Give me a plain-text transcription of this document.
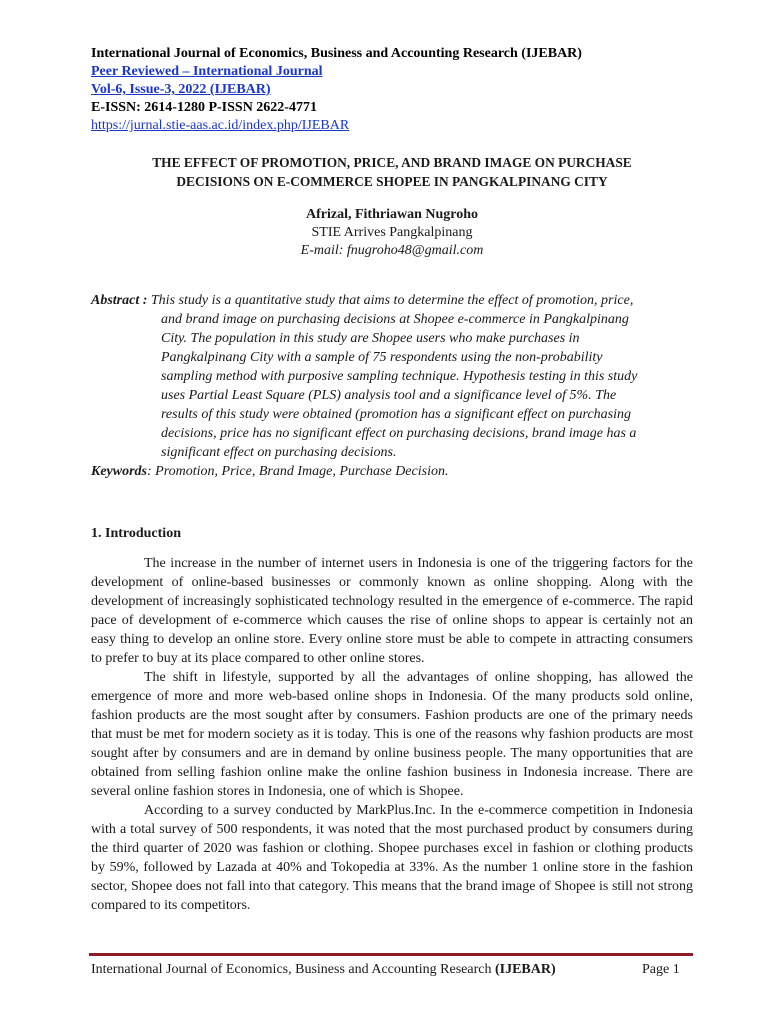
International Journal of Economics, Business and Accounting Research (IJEBAR)
Peer Reviewed – International Journal
Vol-6, Issue-3, 2022 (IJEBAR)
E-ISSN: 2614-1280 P-ISSN 2622-4771
https://jurnal.stie-aas.ac.id/index.php/IJEBAR
THE EFFECT OF PROMOTION, PRICE, AND BRAND IMAGE ON PURCHASE
DECISIONS ON E-COMMERCE SHOPEE IN PANGKALPINANG CITY
Afrizal, Fithriawan Nugroho
STIE Arrives Pangkalpinang
E-mail: fnugroho48@gmail.com
Abstract : This study is a quantitative study that aims to determine the effect of promotion, price,
and brand image on purchasing decisions at Shopee e-commerce in Pangkalpinang
City. The population in this study are Shopee users who make purchases in
Pangkalpinang City with a sample of 75 respondents using the non-probability
sampling method with purposive sampling technique. Hypothesis testing in this study
uses Partial Least Square (PLS) analysis tool and a significance level of 5%. The
results of this study were obtained (promotion has a significant effect on purchasing
decisions, price has no significant effect on purchasing decisions, brand image has a
significant effect on purchasing decisions.
Keywords: Promotion, Price, Brand Image, Purchase Decision.
1. Introduction

The increase in the number of internet users in Indonesia is one of the triggering factors for the development of online-based businesses or commonly known as online shopping. Along with the development of increasingly sophisticated technology resulted in the emergence of e-commerce. The rapid pace of development of e-commerce which causes the rise of online shops to appear is certainly not an easy thing to develop an online store. Every online store must be able to compete in attracting consumers to prefer to buy at its place compared to other online stores.

The shift in lifestyle, supported by all the advantages of online shopping, has allowed the emergence of more and more web-based online shops in Indonesia. Of the many products sold online, fashion products are the most sought after by consumers. Fashion products are one of the primary needs that must be met for modern society as it is today. This is one of the reasons why fashion products are most sought after by consumers and are in demand by online business people. The many opportunities that are obtained from selling fashion online make the online fashion business in Indonesia increase. There are several online fashion stores in Indonesia, one of which is Shopee.

According to a survey conducted by MarkPlus.Inc. In the e-commerce competition in Indonesia with a total survey of 500 respondents, it was noted that the most purchased product by consumers during the third quarter of 2020 was fashion or clothing. Shopee purchases excel in fashion or clothing products by 59%, followed by Lazada at 40% and Tokopedia at 33%. As the number 1 online store in the fashion sector, Shopee does not fall into that category. This means that the brand image of Shopee is still not strong compared to its competitors.

International Journal of Economics, Business and Accounting Research (IJEBAR)	Page 1
